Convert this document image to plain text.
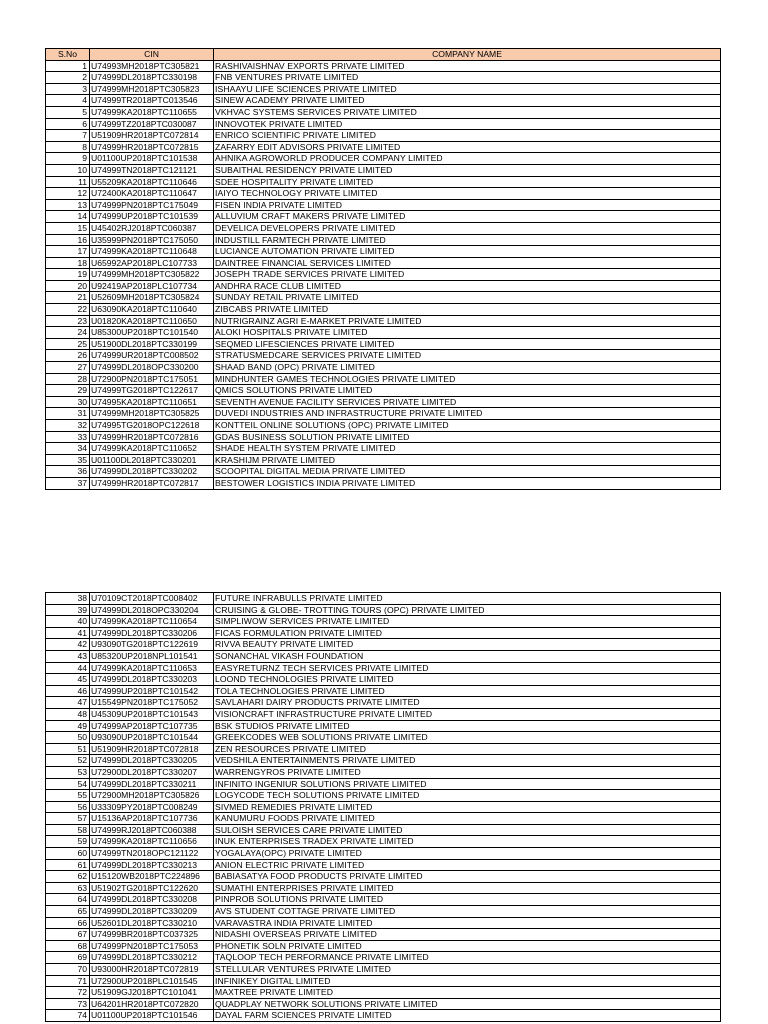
S.No	CIN	COMPANY NAME
1	U74993MH2018PTC305821	RASHIVAISHNAV EXPORTS PRIVATE LIMITED
2	U74999DL2018PTC330198	FNB VENTURES PRIVATE LIMITED
3	U74999MH2018PTC305823	ISHAAYU LIFE SCIENCES PRIVATE LIMITED
4	U74999TR2018PTC013546	SINEW ACADEMY PRIVATE LIMITED
5	U74999KA2018PTC110655	VKHVAC SYSTEMS SERVICES PRIVATE LIMITED
6	U74999TZ2018PTC030087	INNOVOTEK PRIVATE LIMITED
7	U51909HR2018PTC072814	ENRICO SCIENTIFIC PRIVATE LIMITED
8	U74999HR2018PTC072815	ZAFARRY EDIT ADVISORS PRIVATE LIMITED
9	U01100UP2018PTC101538	AHNIKA AGROWORLD PRODUCER COMPANY LIMITED
10	U74999TN2018PTC121121	SUBAITHAL RESIDENCY PRIVATE LIMITED
11	U55209KA2018PTC110646	SDEE HOSPITALITY PRIVATE LIMITED
12	U72400KA2018PTC110647	IAIYO TECHNOLOGY PRIVATE LIMITED
13	U74999PN2018PTC175049	FISEN INDIA PRIVATE LIMITED
14	U74999UP2018PTC101539	ALLUVIUM CRAFT MAKERS PRIVATE LIMITED
15	U45402RJ2018PTC060387	DEVELICA DEVELOPERS PRIVATE LIMITED
16	U35999PN2018PTC175050	INDUSTILL FARMTECH PRIVATE LIMITED
17	U74999KA2018PTC110648	LUCIANCE AUTOMATION PRIVATE LIMITED
18	U65992AP2018PLC107733	DAINTREE FINANCIAL SERVICES LIMITED
19	U74999MH2018PTC305822	JOSEPH TRADE SERVICES PRIVATE LIMITED
20	U92419AP2018PLC107734	ANDHRA RACE CLUB LIMITED
21	U52609MH2018PTC305824	SUNDAY RETAIL PRIVATE LIMITED
22	U63090KA2018PTC110640	ZIBCABS PRIVATE LIMITED
23	U01820KA2018PTC110650	NUTRIGRAINZ AGRI E-MARKET PRIVATE LIMITED
24	U85300UP2018PTC101540	ALOKI HOSPITALS PRIVATE LIMITED
25	U51900DL2018PTC330199	SEQMED LIFESCIENCES PRIVATE LIMITED
26	U74999UR2018PTC008502	STRATUSMEDCARE SERVICES PRIVATE LIMITED
27	U74999DL2018OPC330200	SHAAD BAND (OPC) PRIVATE LIMITED
28	U72900PN2018PTC175051	MINDHUNTER GAMES TECHNOLOGIES PRIVATE LIMITED
29	U74999TG2018PTC122617	QMICS SOLUTIONS PRIVATE LIMITED
30	U74995KA2018PTC110651	SEVENTH AVENUE FACILITY SERVICES PRIVATE LIMITED
31	U74999MH2018PTC305825	DUVEDI INDUSTRIES AND INFRASTRUCTURE PRIVATE LIMITED
32	U74995TG2018OPC122618	KONTTEIL ONLINE SOLUTIONS (OPC) PRIVATE LIMITED
33	U74999HR2018PTC072816	GDAS BUSINESS SOLUTION PRIVATE LIMITED
34	U74999KA2018PTC110652	SHADE HEALTH SYSTEM PRIVATE LIMITED
35	U01100DL2018PTC330201	KRASHIJM PRIVATE LIMITED
36	U74999DL2018PTC330202	SCOOPITAL DIGITAL MEDIA PRIVATE LIMITED
37	U74999HR2018PTC072817	BESTOWER LOGISTICS INDIA PRIVATE LIMITED
38	U70109CT2018PTC008402	FUTURE INFRABULLS PRIVATE LIMITED
39	U74999DL2018OPC330204	CRUISING & GLOBE- TROTTING TOURS (OPC) PRIVATE LIMITED
40	U74999KA2018PTC110654	SIMPLIWOW SERVICES PRIVATE LIMITED
41	U74999DL2018PTC330206	FICAS FORMULATION PRIVATE LIMITED
42	U93090TG2018PTC122619	RIVVA BEAUTY PRIVATE LIMITED
43	U85320UP2018NPL101541	SONANCHAL VIKASH FOUNDATION
44	U74999KA2018PTC110653	EASYRETURNZ TECH SERVICES PRIVATE LIMITED
45	U74999DL2018PTC330203	LOOND TECHNOLOGIES PRIVATE LIMITED
46	U74999UP2018PTC101542	TOLA TECHNOLOGIES PRIVATE LIMITED
47	U15549PN2018PTC175052	SAVLAHARI DAIRY PRODUCTS PRIVATE LIMITED
48	U45309UP2018PTC101543	VISIONCRAFT INFRASTRUCTURE PRIVATE LIMITED
49	U74999AP2018PTC107735	BSK STUDIOS PRIVATE LIMITED
50	U93090UP2018PTC101544	GREEKCODES WEB SOLUTIONS PRIVATE LIMITED
51	U51909HR2018PTC072818	ZEN RESOURCES PRIVATE LIMITED
52	U74999DL2018PTC330205	VEDSHILA ENTERTAINMENTS PRIVATE LIMITED
53	U72900DL2018PTC330207	WARRENGYROS PRIVATE LIMITED
54	U74999DL2018PTC330211	INFINITO INGENIUR SOLUTIONS PRIVATE LIMITED
55	U72900MH2018PTC305826	LOGYCODE TECH SOLUTIONS PRIVATE LIMITED
56	U33309PY2018PTC008249	SIVMED REMEDIES PRIVATE LIMITED
57	U15136AP2018PTC107736	KANUMURU FOODS PRIVATE LIMITED
58	U74999RJ2018PTC060388	SULOISH SERVICES CARE PRIVATE LIMITED
59	U74999KA2018PTC110656	INUK ENTERPRISES TRADEX PRIVATE LIMITED
60	U74999TN2018OPC121122	YOGALAYA(OPC) PRIVATE LIMITED
61	U74999DL2018PTC330213	ANION ELECTRIC PRIVATE LIMITED
62	U15120WB2018PTC224896	BABIASATYA FOOD PRODUCTS PRIVATE LIMITED
63	U51902TG2018PTC122620	SUMATHI ENTERPRISES PRIVATE LIMITED
64	U74999DL2018PTC330208	PINPROB SOLUTIONS PRIVATE LIMITED
65	U74999DL2018PTC330209	AVS STUDENT COTTAGE PRIVATE LIMITED
66	U52601DL2018PTC330210	VARAVASTRA INDIA PRIVATE LIMITED
67	U74999BR2018PTC037325	NIDASHI OVERSEAS PRIVATE LIMITED
68	U74999PN2018PTC175053	PHONETIK SOLN PRIVATE LIMITED
69	U74999DL2018PTC330212	TAQLOOP TECH PERFORMANCE PRIVATE LIMITED
70	U93000HR2018PTC072819	STELLULAR VENTURES PRIVATE LIMITED
71	U72900UP2018PLC101545	INFINIKEY DIGITAL LIMITED
72	U51909GJ2018PTC101041	MAXTREE PRIVATE LIMITED
73	U64201HR2018PTC072820	QUADPLAY NETWORK SOLUTIONS PRIVATE LIMITED
74	U01100UP2018PTC101546	DAYAL FARM SCIENCES PRIVATE LIMITED
